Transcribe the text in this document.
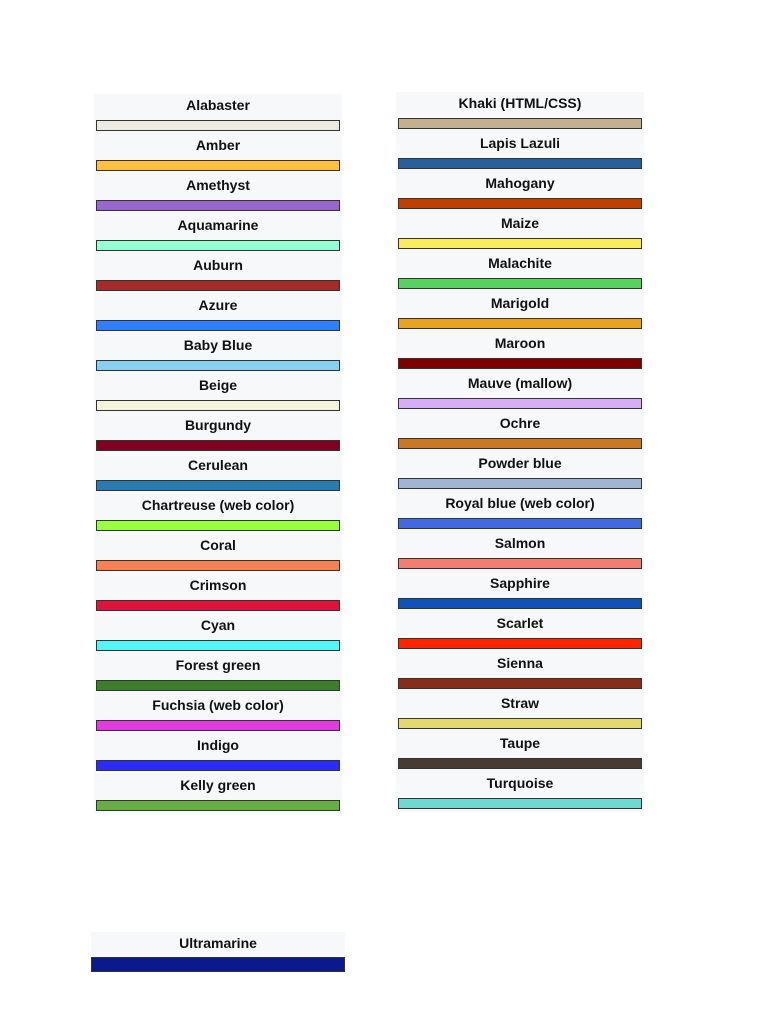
Alabaster
Amber
Amethyst
Aquamarine
Auburn
Azure
Baby Blue
Beige
Burgundy
Cerulean
Chartreuse (web color)
Coral
Crimson
Cyan
Forest green
Fuchsia (web color)
Indigo
Kelly green
Khaki (HTML/CSS)
Lapis Lazuli
Mahogany
Maize
Malachite
Marigold
Maroon
Mauve (mallow)
Ochre
Powder blue
Royal blue (web color)
Salmon
Sapphire
Scarlet
Sienna
Straw
Taupe
Turquoise
Ultramarine
